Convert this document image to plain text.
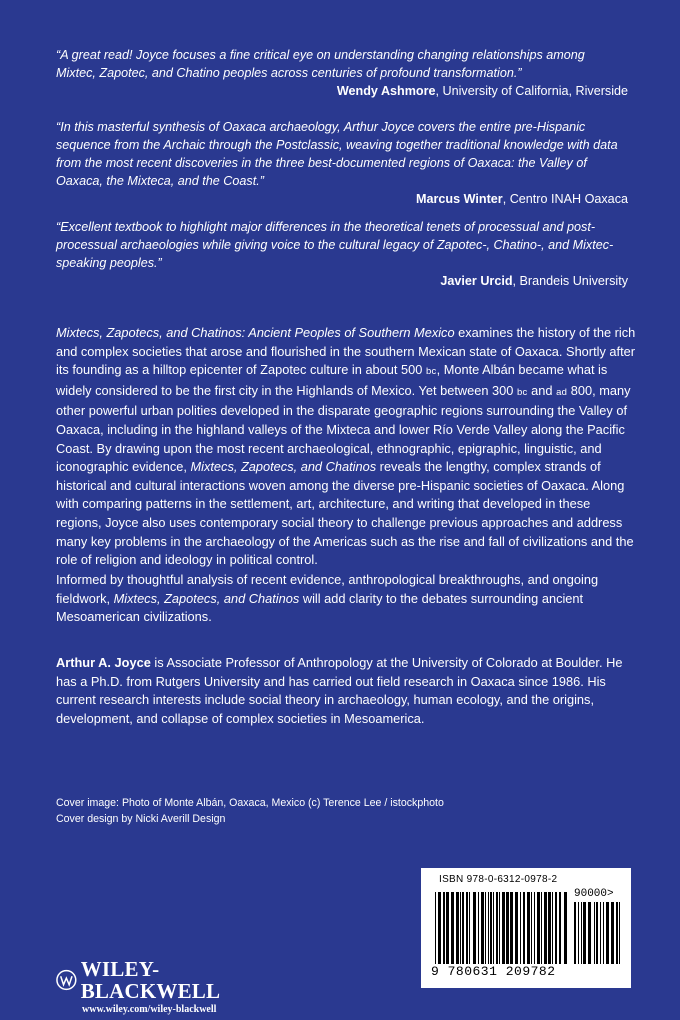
“A great read! Joyce focuses a fine critical eye on understanding changing relationships among Mixtec, Zapotec, and Chatino peoples across centuries of profound transformation.”

Wendy Ashmore, University of California, Riverside

“In this masterful synthesis of Oaxaca archaeology, Arthur Joyce covers the entire pre-Hispanic sequence from the Archaic through the Postclassic, weaving together traditional knowledge with data from the most recent discoveries in the three best-documented regions of Oaxaca: the Valley of Oaxaca, the Mixteca, and the Coast.”

Marcus Winter, Centro INAH Oaxaca

“Excellent textbook to highlight major differences in the theoretical tenets of processual and post-processual archaeologies while giving voice to the cultural legacy of Zapotec-, Chatino-, and Mixtec-speaking peoples.”

Javier Urcid, Brandeis University

Mixtecs, Zapotecs, and Chatinos: Ancient Peoples of Southern Mexico examines the history of the rich and complex societies that arose and flourished in the southern Mexican state of Oaxaca. Shortly after its founding as a hilltop epicenter of Zapotec culture in about 500 bc, Monte Albán became what is widely considered to be the first city in the Highlands of Mexico. Yet between 300 bc and ad 800, many other powerful urban polities developed in the disparate geographic regions surrounding the Valley of Oaxaca, including in the highland valleys of the Mixteca and lower Río Verde Valley along the Pacific Coast. By drawing upon the most recent archaeological, ethnographic, epigraphic, linguistic, and iconographic evidence, Mixtecs, Zapotecs, and Chatinos reveals the lengthy, complex strands of historical and cultural interactions woven among the diverse pre-Hispanic societies of Oaxaca. Along with comparing patterns in the settlement, art, architecture, and writing that developed in these regions, Joyce also uses contemporary social theory to challenge previous approaches and address many key problems in the archaeology of the Americas such as the rise and fall of civilizations and the role of religion and ideology in political control.

Informed by thoughtful analysis of recent evidence, anthropological breakthroughs, and ongoing fieldwork, Mixtecs, Zapotecs, and Chatinos will add clarity to the debates surrounding ancient Mesoamerican civilizations.

Arthur A. Joyce is Associate Professor of Anthropology at the University of Colorado at Boulder. He has a Ph.D. from Rutgers University and has carried out field research in Oaxaca since 1986. His current research interests include social theory in archaeology, human ecology, and the origins, development, and collapse of complex societies in Mesoamerica.

Cover image: Photo of Monte Albán, Oaxaca, Mexico (c) Terence Lee / istockphoto
Cover design by Nicki Averill Design
WILEY-BLACKWELL
www.wiley.com/wiley-blackwell
ISBN 978-0-6312-0978-2
90000>
9 780631 209782
